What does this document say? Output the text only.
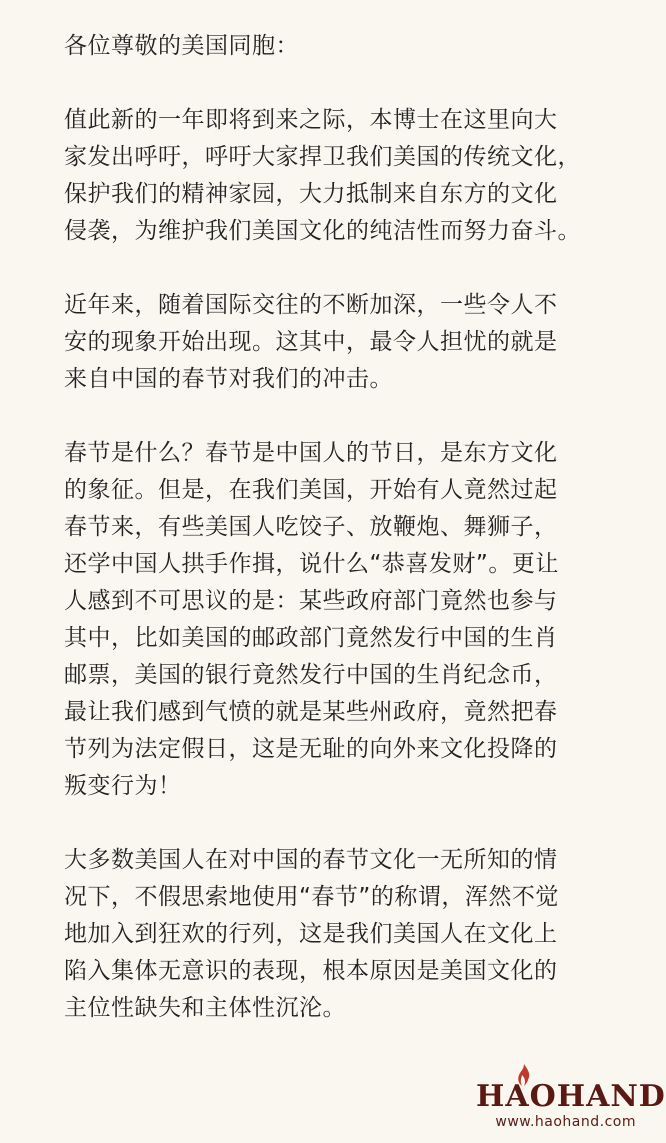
各位尊敬的美国同胞：

值此新的一年即将到来之际，本博士在这里向大
家发出呼吁，呼吁大家捍卫我们美国的传统文化，
保护我们的精神家园，大力抵制来自东方的文化
侵袭，为维护我们美国文化的纯洁性而努力奋斗。

近年来，随着国际交往的不断加深，一些令人不
安的现象开始出现。这其中，最令人担忧的就是
来自中国的春节对我们的冲击。

春节是什么？春节是中国人的节日，是东方文化
的象征。但是，在我们美国，开始有人竟然过起
春节来，有些美国人吃饺子、放鞭炮、舞狮子，
还学中国人拱手作揖，说什么“恭喜发财”。更让
人感到不可思议的是：某些政府部门竟然也参与
其中，比如美国的邮政部门竟然发行中国的生肖
邮票，美国的银行竟然发行中国的生肖纪念币，
最让我们感到气愤的就是某些州政府，竟然把春
节列为法定假日，这是无耻的向外来文化投降的
叛变行为！

大多数美国人在对中国的春节文化一无所知的情
况下，不假思索地使用“春节”的称谓，浑然不觉
地加入到狂欢的行列，这是我们美国人在文化上
陷入集体无意识的表现，根本原因是美国文化的
主位性缺失和主体性沉沦。

HAOHAND
www.haohand.com
